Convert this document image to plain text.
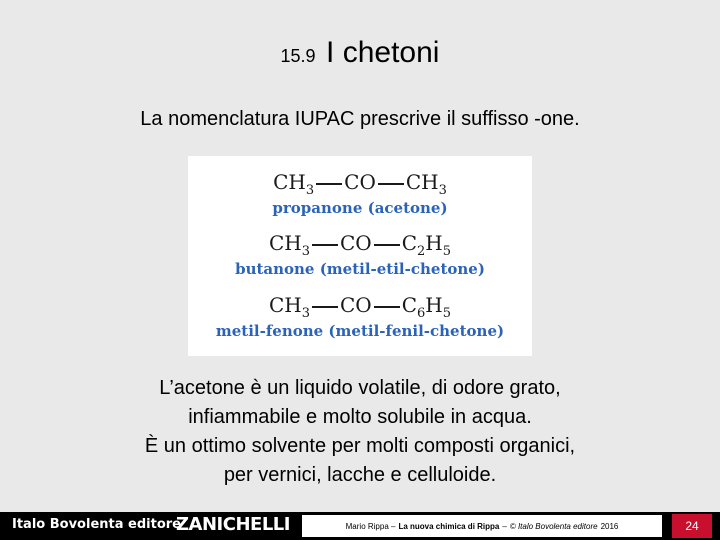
15.9 I chetoni
La nomenclatura IUPAC prescrive il suffisso -one.
$CH_3$ CO $CH_3$
propanone (acetone)
$CH_3$ CO $C_2H_5$
butanone (metil-etil-chetone)
$CH_3$ CO $C_6H_5$
metil-fenone (metil-fenil-chetone)
L’acetone è un liquido volatile, di odore grato,
infiammabile e molto solubile in acqua.
È un ottimo solvente per molti composti organici,
per vernici, lacche e celluloide.
Italo Bovolenta editore
ZANICHELLI	Mario Rippa – La nuova chimica di Rippa – © Italo Bovolenta editore 2016	24
